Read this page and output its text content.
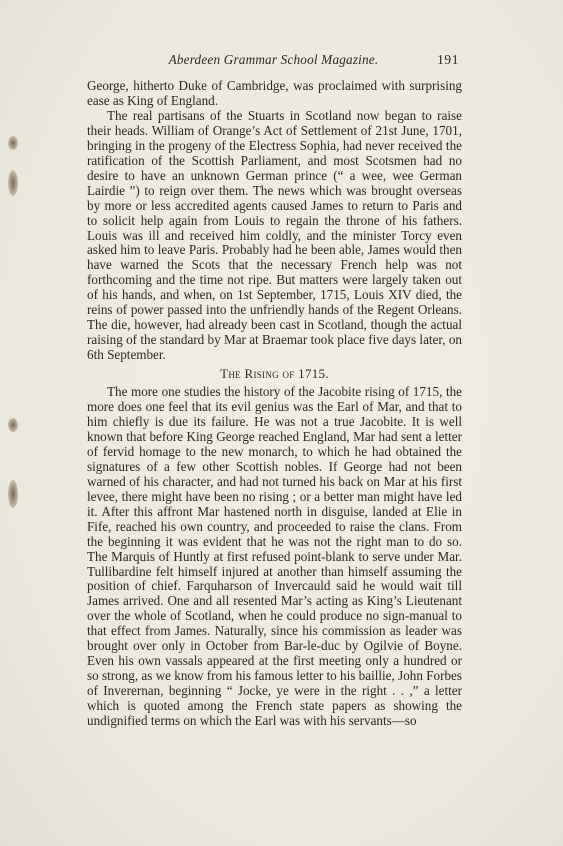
Aberdeen Grammar School Magazine.	191

George, hitherto Duke of Cambridge, was proclaimed with surprising ease as King of England.

The real partisans of the Stuarts in Scotland now began to raise their heads. William of Orange’s Act of Settlement of 21st June, 1701, bringing in the progeny of the Electress Sophia, had never received the ratification of the Scottish Parliament, and most Scotsmen had no desire to have an unknown German prince (“ a wee, wee German Lairdie ”) to reign over them. The news which was brought overseas by more or less accredited agents caused James to return to Paris and to solicit help again from Louis to regain the throne of his fathers. Louis was ill and received him coldly, and the minister Torcy even asked him to leave Paris. Probably had he been able, James would then have warned the Scots that the necessary French help was not forthcoming and the time not ripe. But matters were largely taken out of his hands, and when, on 1st September, 1715, Louis XIV died, the reins of power passed into the unfriendly hands of the Regent Orleans. The die, however, had already been cast in Scotland, though the actual raising of the standard by Mar at Braemar took place five days later, on 6th September.

The Rising of 1715.

The more one studies the history of the Jacobite rising of 1715, the more does one feel that its evil genius was the Earl of Mar, and that to him chiefly is due its failure. He was not a true Jacobite. It is well known that before King George reached England, Mar had sent a letter of fervid homage to the new monarch, to which he had obtained the signatures of a few other Scottish nobles. If George had not been warned of his character, and had not turned his back on Mar at his first levee, there might have been no rising ; or a better man might have led it. After this affront Mar hastened north in disguise, landed at Elie in Fife, reached his own country, and proceeded to raise the clans. From the beginning it was evident that he was not the right man to do so. The Marquis of Huntly at first refused point-blank to serve under Mar. Tullibardine felt himself injured at another than himself assuming the position of chief. Farquharson of Invercauld said he would wait till James arrived. One and all resented Mar’s acting as King’s Lieutenant over the whole of Scotland, when he could produce no sign-manual to that effect from James. Naturally, since his commission as leader was brought over only in October from Bar-le-duc by Ogilvie of Boyne. Even his own vassals appeared at the first meeting only a hundred or so strong, as we know from his famous letter to his baillie, John Forbes of Inverernan, beginning “ Jocke, ye were in the right . . ,” a letter which is quoted among the French state papers as showing the undignified terms on which the Earl was with his servants—so
